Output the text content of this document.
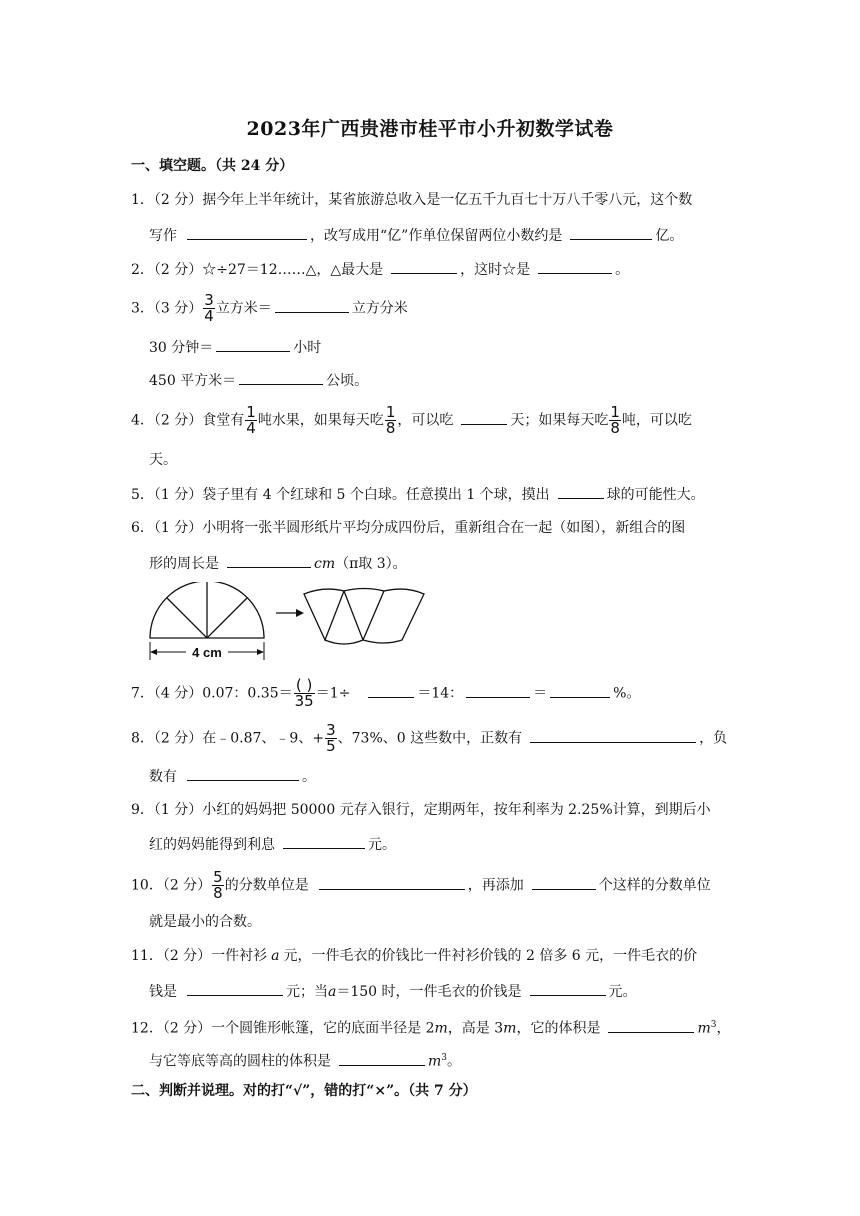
2023年广西贵港市桂平市小升初数学试卷
一、填空题。（共 24 分）
1．（2 分）据今年上半年统计，某省旅游总收入是一亿五千九百七十万八千零八元，这个数
写作	，改写成用“亿”作单位保留两位小数约是	亿。
2．（2 分）☆÷27＝12……△，△最大是	，这时☆是	。
3．（3 分） $\frac{3}{4}$ 立方米＝	立方分米
30 分钟＝	小时
450 平方米＝	公顷。
4．（2 分）食堂有 $\frac{1}{4}$ 吨水果，如果每天吃 $\frac{1}{8}$ ，可以吃	天；如果每天吃 $\frac{1}{8}$ 吨，可以吃
天。
5．（1 分）袋子里有 4 个红球和 5 个白球。任意摸出 1 个球，摸出	球的可能性大。
6．（1 分）小明将一张半圆形纸片平均分成四份后，重新组合在一起（如图），新组合的图
形的周长是	cm（π取 3）。
4 cm
7．（4 分）0.07：$0.35= \frac{( )}{35} =1\div$	＝14：	＝	%。
8．（2 分）在﹣0.87、﹣9、+ $\frac{3}{5}$ 、73%、0 这些数中，正数有	，负
数有	。
9．（1 分）小红的妈妈把 50000 元存入银行，定期两年，按年利率为 2.25%计算，到期后小
红的妈妈能得到利息	元。
10．（2 分） $\frac{5}{8}$ 的分数单位是	，再添加	个这样的分数单位
就是最小的合数。
11．（2 分）一件衬衫 a 元，一件毛衣的价钱比一件衬衫价钱的 2 倍多 6 元，一件毛衣的价
钱是	元；当a＝150 时，一件毛衣的价钱是	元。
12．（2 分）一个圆锥形帐篷，它的底面半径是 2m，高是 3m，它的体积是	$m^3$，
与它等底等高的圆柱的体积是	$m^3$。
二、判断并说理。对的打“√”，错的打“×”。（共 7 分）
